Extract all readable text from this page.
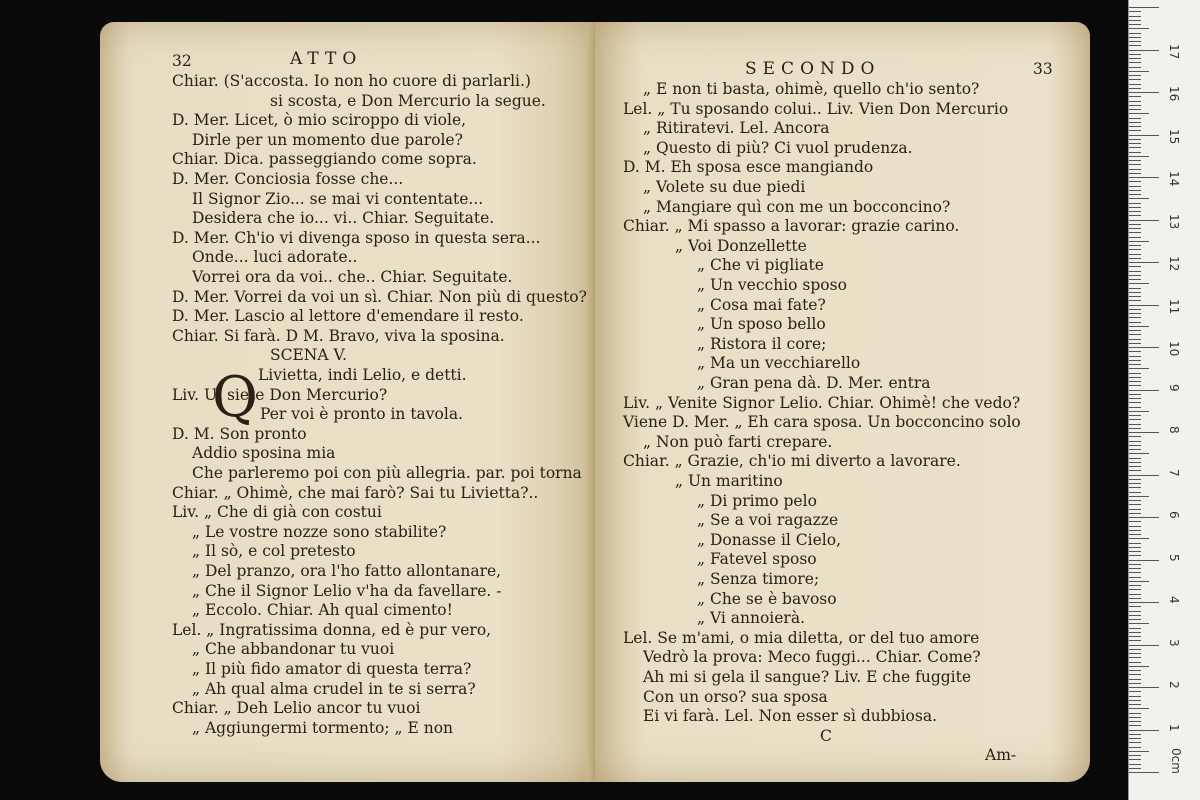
32	ATTO
Q
Chiar. (S'accosta. Io non ho cuore di parlarli.)
si scosta, e Don Mercurio la segue.
D. Mer. Licet, ò mio sciroppo di viole,
Dirle per un momento due parole?
Chiar. Dica. passeggiando come sopra.
D. Mer. Conciosia fosse che...
Il Signor Zio... se mai vi contentate...
Desidera che io... vi.. Chiar. Seguitate.
D. Mer. Ch'io vi divenga sposo in questa sera...
Onde... luci adorate..
Vorrei ora da voi.. che.. Chiar. Seguitate.
D. Mer. Vorrei da voi un sì. Chiar. Non più di questo?
D. Mer. Lascio al lettore d'emendare il resto.
Chiar. Si farà. D M. Bravo, viva la sposina.
SCENA V.
Livietta, indi Lelio, e detti.
Liv. Uì siete Don Mercurio?
Per voi è pronto in tavola.
D. M. Son pronto
Addio sposina mia
Che parleremo poi con più allegria. par. poi torna
Chiar. „ Ohimè, che mai farò? Sai tu Livietta?..
Liv. „ Che di già con costui
„ Le vostre nozze sono stabilite?
„ Il sò, e col pretesto
„ Del pranzo, ora l'ho fatto allontanare,
„ Che il Signor Lelio v'ha da favellare. -
„ Eccolo. Chiar. Ah qual cimento!
Lel. „ Ingratissima donna, ed è pur vero,
„ Che abbandonar tu vuoi
„ Il più fido amator di questa terra?
„ Ah qual alma crudel in te si serra?
Chiar. „ Deh Lelio ancor tu vuoi
„ Aggiungermi tormento; „ E non
SECONDO	33
„ E non ti basta, ohimè, quello ch'io sento?
Lel. „ Tu sposando colui.. Liv. Vien Don Mercurio
„ Ritiratevi. Lel. Ancora
„ Questo di più? Ci vuol prudenza.
D. M. Eh sposa esce mangiando
„ Volete su due piedi
„ Mangiare quì con me un bocconcino?
Chiar. „ Mi spasso a lavorar: grazie carino.
„ Voi Donzellette
„ Che vi pigliate
„ Un vecchio sposo
„ Cosa mai fate?
„ Un sposo bello
„ Ristora il core;
„ Ma un vecchiarello
„ Gran pena dà. D. Mer. entra
Liv. „ Venite Signor Lelio. Chiar. Ohimè! che vedo?
Viene D. Mer. „ Eh cara sposa. Un bocconcino solo
„ Non può farti crepare.
Chiar. „ Grazie, ch'io mi diverto a lavorare.
„ Un maritino
„ Di primo pelo
„ Se a voi ragazze
„ Donasse il Cielo,
„ Fatevel sposo
„ Senza timore;
„ Che se è bavoso
„ Vi annoierà.
Lel. Se m'ami, o mia diletta, or del tuo amore
Vedrò la prova: Meco fuggi... Chiar. Come?
Ah mi si gela il sangue? Liv. E che fuggite
Con un orso? sua sposa
Ei vi farà. Lel. Non esser sì dubbiosa.
C
Am-	0cm
17
16
15
14
13
12
11
10
9
8
7
6
5
4
3
2
1
